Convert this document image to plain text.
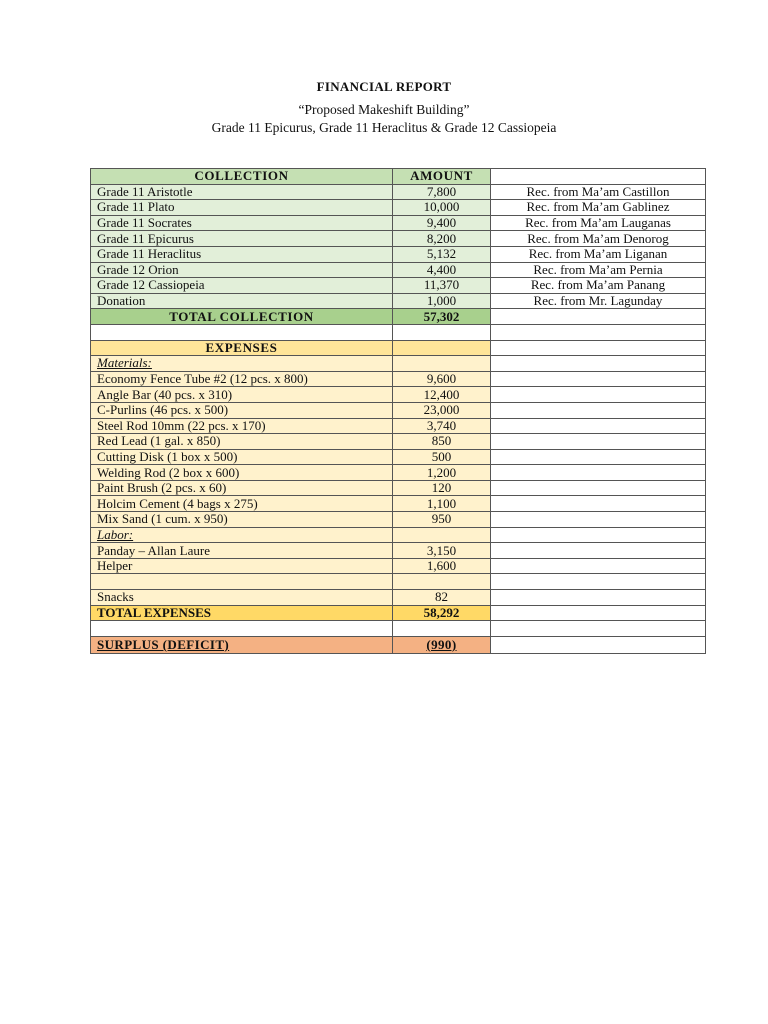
FINANCIAL REPORT
“Proposed Makeshift Building”
Grade 11 Epicurus, Grade 11 Heraclitus & Grade 12 Cassiopeia
COLLECTION	AMOUNT	
Grade 11 Aristotle	7,800	Rec. from Ma’am Castillon
Grade 11 Plato	10,000	Rec. from Ma’am Gablinez
Grade 11 Socrates	9,400	Rec. from Ma’am Lauganas
Grade 11 Epicurus	8,200	Rec. from Ma’am Denorog
Grade 11 Heraclitus	5,132	Rec. from Ma’am Liganan
Grade 12 Orion	4,400	Rec. from Ma’am Pernia
Grade 12 Cassiopeia	11,370	Rec. from Ma’am Panang
Donation	1,000	Rec. from Mr. Lagunday
TOTAL COLLECTION	57,302	

EXPENSES		
Materials:		
Economy Fence Tube #2 (12 pcs. x 800)	9,600	
Angle Bar (40 pcs. x 310)	12,400	
C-Purlins (46 pcs. x 500)	23,000	
Steel Rod 10mm (22 pcs. x 170)	3,740	
Red Lead (1 gal. x 850)	850	
Cutting Disk (1 box x 500)	500	
Welding Rod (2 box x 600)	1,200	
Paint Brush (2 pcs. x 60)	120	
Holcim Cement (4 bags x 275)	1,100	
Mix Sand (1 cum. x 950)	950	
Labor:		
Panday – Allan Laure	3,150	
Helper	1,600	

Snacks	82	
TOTAL EXPENSES	58,292	

SURPLUS (DEFICIT)	(990)	
